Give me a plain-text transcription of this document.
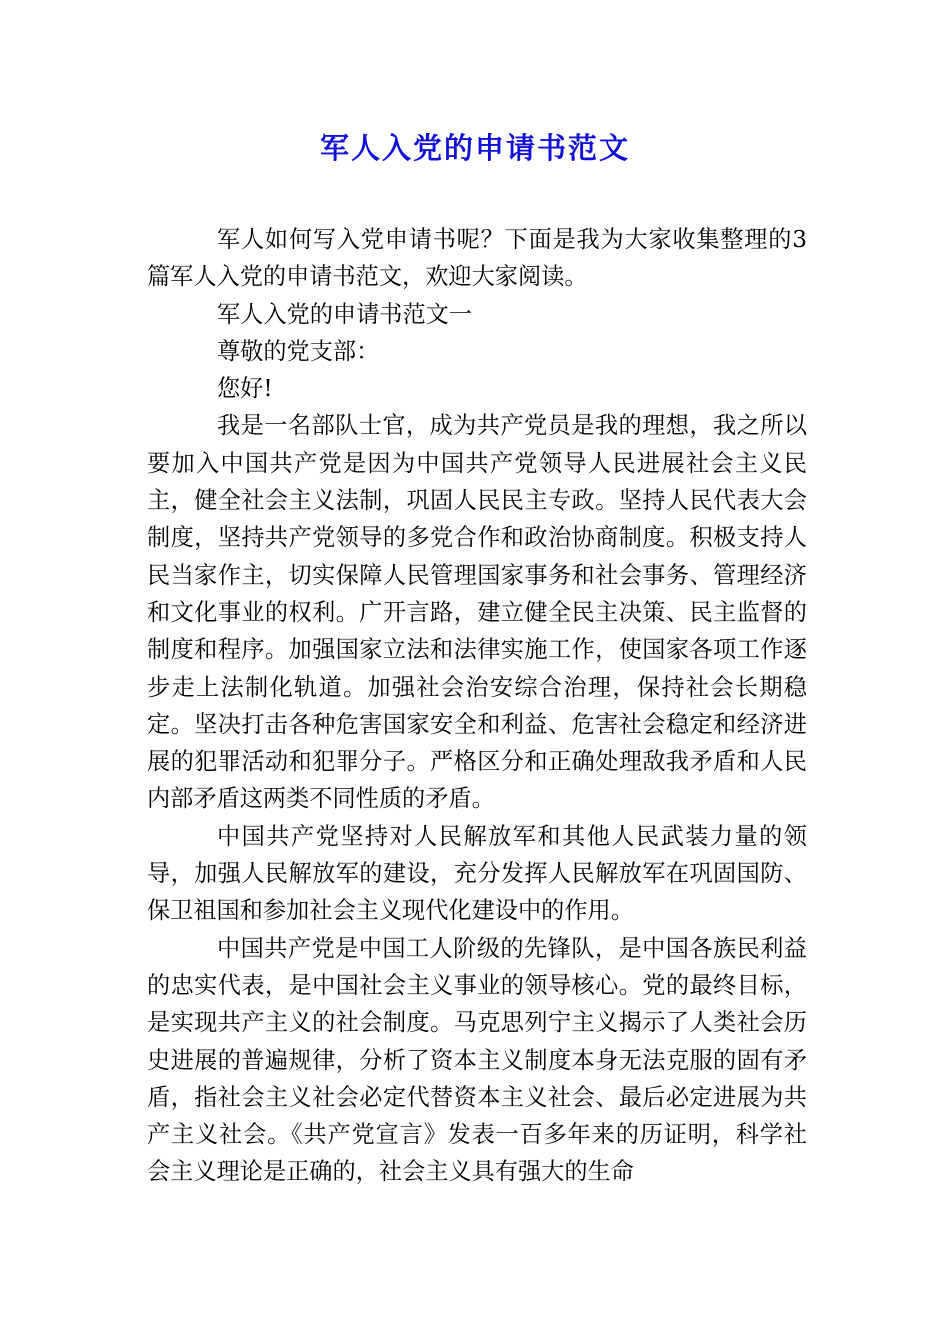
军人入党的申请书范文

军人如何写入党申请书呢？下面是我为大家收集整理的3篇军人入党的申请书范文，欢迎大家阅读。

军人入党的申请书范文一

尊敬的党支部：

您好!

我是一名部队士官，成为共产党员是我的理想，我之所以要加入中国共产党是因为中国共产党领导人民进展社会主义民主，健全社会主义法制，巩固人民民主专政。坚持人民代表大会制度，坚持共产党领导的多党合作和政治协商制度。积极支持人民当家作主，切实保障人民管理国家事务和社会事务、管理经济和文化事业的权利。广开言路，建立健全民主决策、民主监督的制度和程序。加强国家立法和法律实施工作，使国家各项工作逐步走上法制化轨道。加强社会治安综合治理，保持社会长期稳定。坚决打击各种危害国家安全和利益、危害社会稳定和经济进展的犯罪活动和犯罪分子。严格区分和正确处理敌我矛盾和人民内部矛盾这两类不同性质的矛盾。

中国共产党坚持对人民解放军和其他人民武装力量的领导，加强人民解放军的建设，充分发挥人民解放军在巩固国防、保卫祖国和参加社会主义现代化建设中的作用。

中国共产党是中国工人阶级的先锋队，是中国各族民利益的忠实代表，是中国社会主义事业的领导核心。党的最终目标，是实现共产主义的社会制度。马克思列宁主义揭示了人类社会历史进展的普遍规律，分析了资本主义制度本身无法克服的固有矛盾，指社会主义社会必定代替资本主义社会、最后必定进展为共产主义社会。《共产党宣言》发表一百多年来的历证明，科学社会主义理论是正确的，社会主义具有强大的生命
